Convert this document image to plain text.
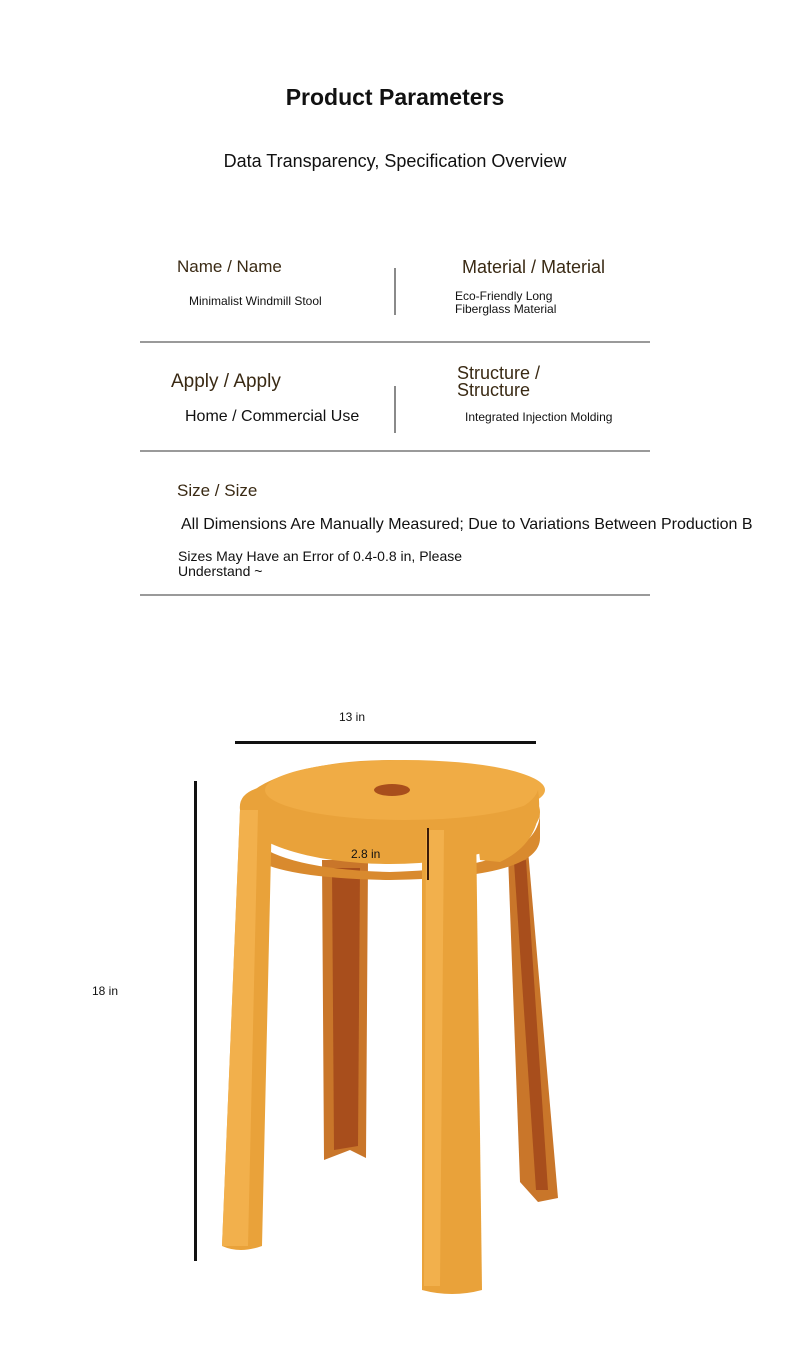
Product Parameters
Data Transparency, Specification Overview
Name / Name
Minimalist Windmill Stool
Material / Material
Eco-Friendly Long
Fiberglass Material
Apply / Apply
Home / Commercial Use
Structure /
Structure
Integrated Injection Molding
Size / Size
All Dimensions Are Manually Measured; Due to Variations Between Production B
Sizes May Have an Error of 0.4-0.8 in, Please
Understand ~
13 in
18 in
2.8 in
